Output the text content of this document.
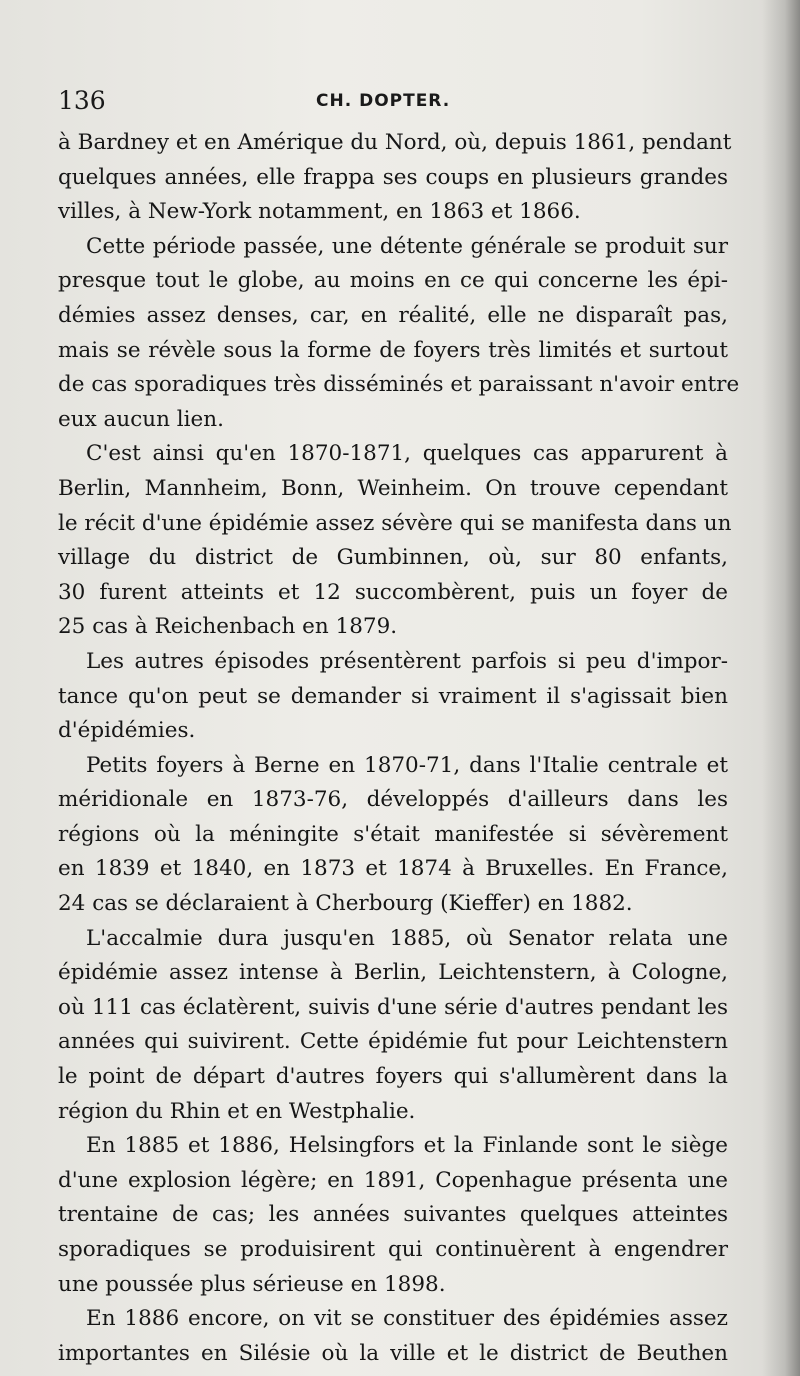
136	CH. DOPTER.
à Bardney et en Amérique du Nord, où, depuis 1861, pendant
quelques années, elle frappa ses coups en plusieurs grandes
villes, à New-York notamment, en 1863 et 1866.
Cette période passée, une détente générale se produit sur
presque tout le globe, au moins en ce qui concerne les épi-
démies assez denses, car, en réalité, elle ne disparaît pas,
mais se révèle sous la forme de foyers très limités et surtout
de cas sporadiques très disséminés et paraissant n'avoir entre
eux aucun lien.
C'est ainsi qu'en 1870-1871, quelques cas apparurent à
Berlin, Mannheim, Bonn, Weinheim. On trouve cependant
le récit d'une épidémie assez sévère qui se manifesta dans un
village du district de Gumbinnen, où, sur 80 enfants,
30 furent atteints et 12 succombèrent, puis un foyer de
25 cas à Reichenbach en 1879.
Les autres épisodes présentèrent parfois si peu d'impor-
tance qu'on peut se demander si vraiment il s'agissait bien
d'épidémies.
Petits foyers à Berne en 1870-71, dans l'Italie centrale et
méridionale en 1873-76, développés d'ailleurs dans les
régions où la méningite s'était manifestée si sévèrement
en 1839 et 1840, en 1873 et 1874 à Bruxelles. En France,
24 cas se déclaraient à Cherbourg (Kieffer) en 1882.
L'accalmie dura jusqu'en 1885, où Senator relata une
épidémie assez intense à Berlin, Leichtenstern, à Cologne,
où 111 cas éclatèrent, suivis d'une série d'autres pendant les
années qui suivirent. Cette épidémie fut pour Leichtenstern
le point de départ d'autres foyers qui s'allumèrent dans la
région du Rhin et en Westphalie.
En 1885 et 1886, Helsingfors et la Finlande sont le siège
d'une explosion légère; en 1891, Copenhague présenta une
trentaine de cas; les années suivantes quelques atteintes
sporadiques se produisirent qui continuèrent à engendrer
une poussée plus sérieuse en 1898.
En 1886 encore, on vit se constituer des épidémies assez
importantes en Silésie où la ville et le district de Beuthen
